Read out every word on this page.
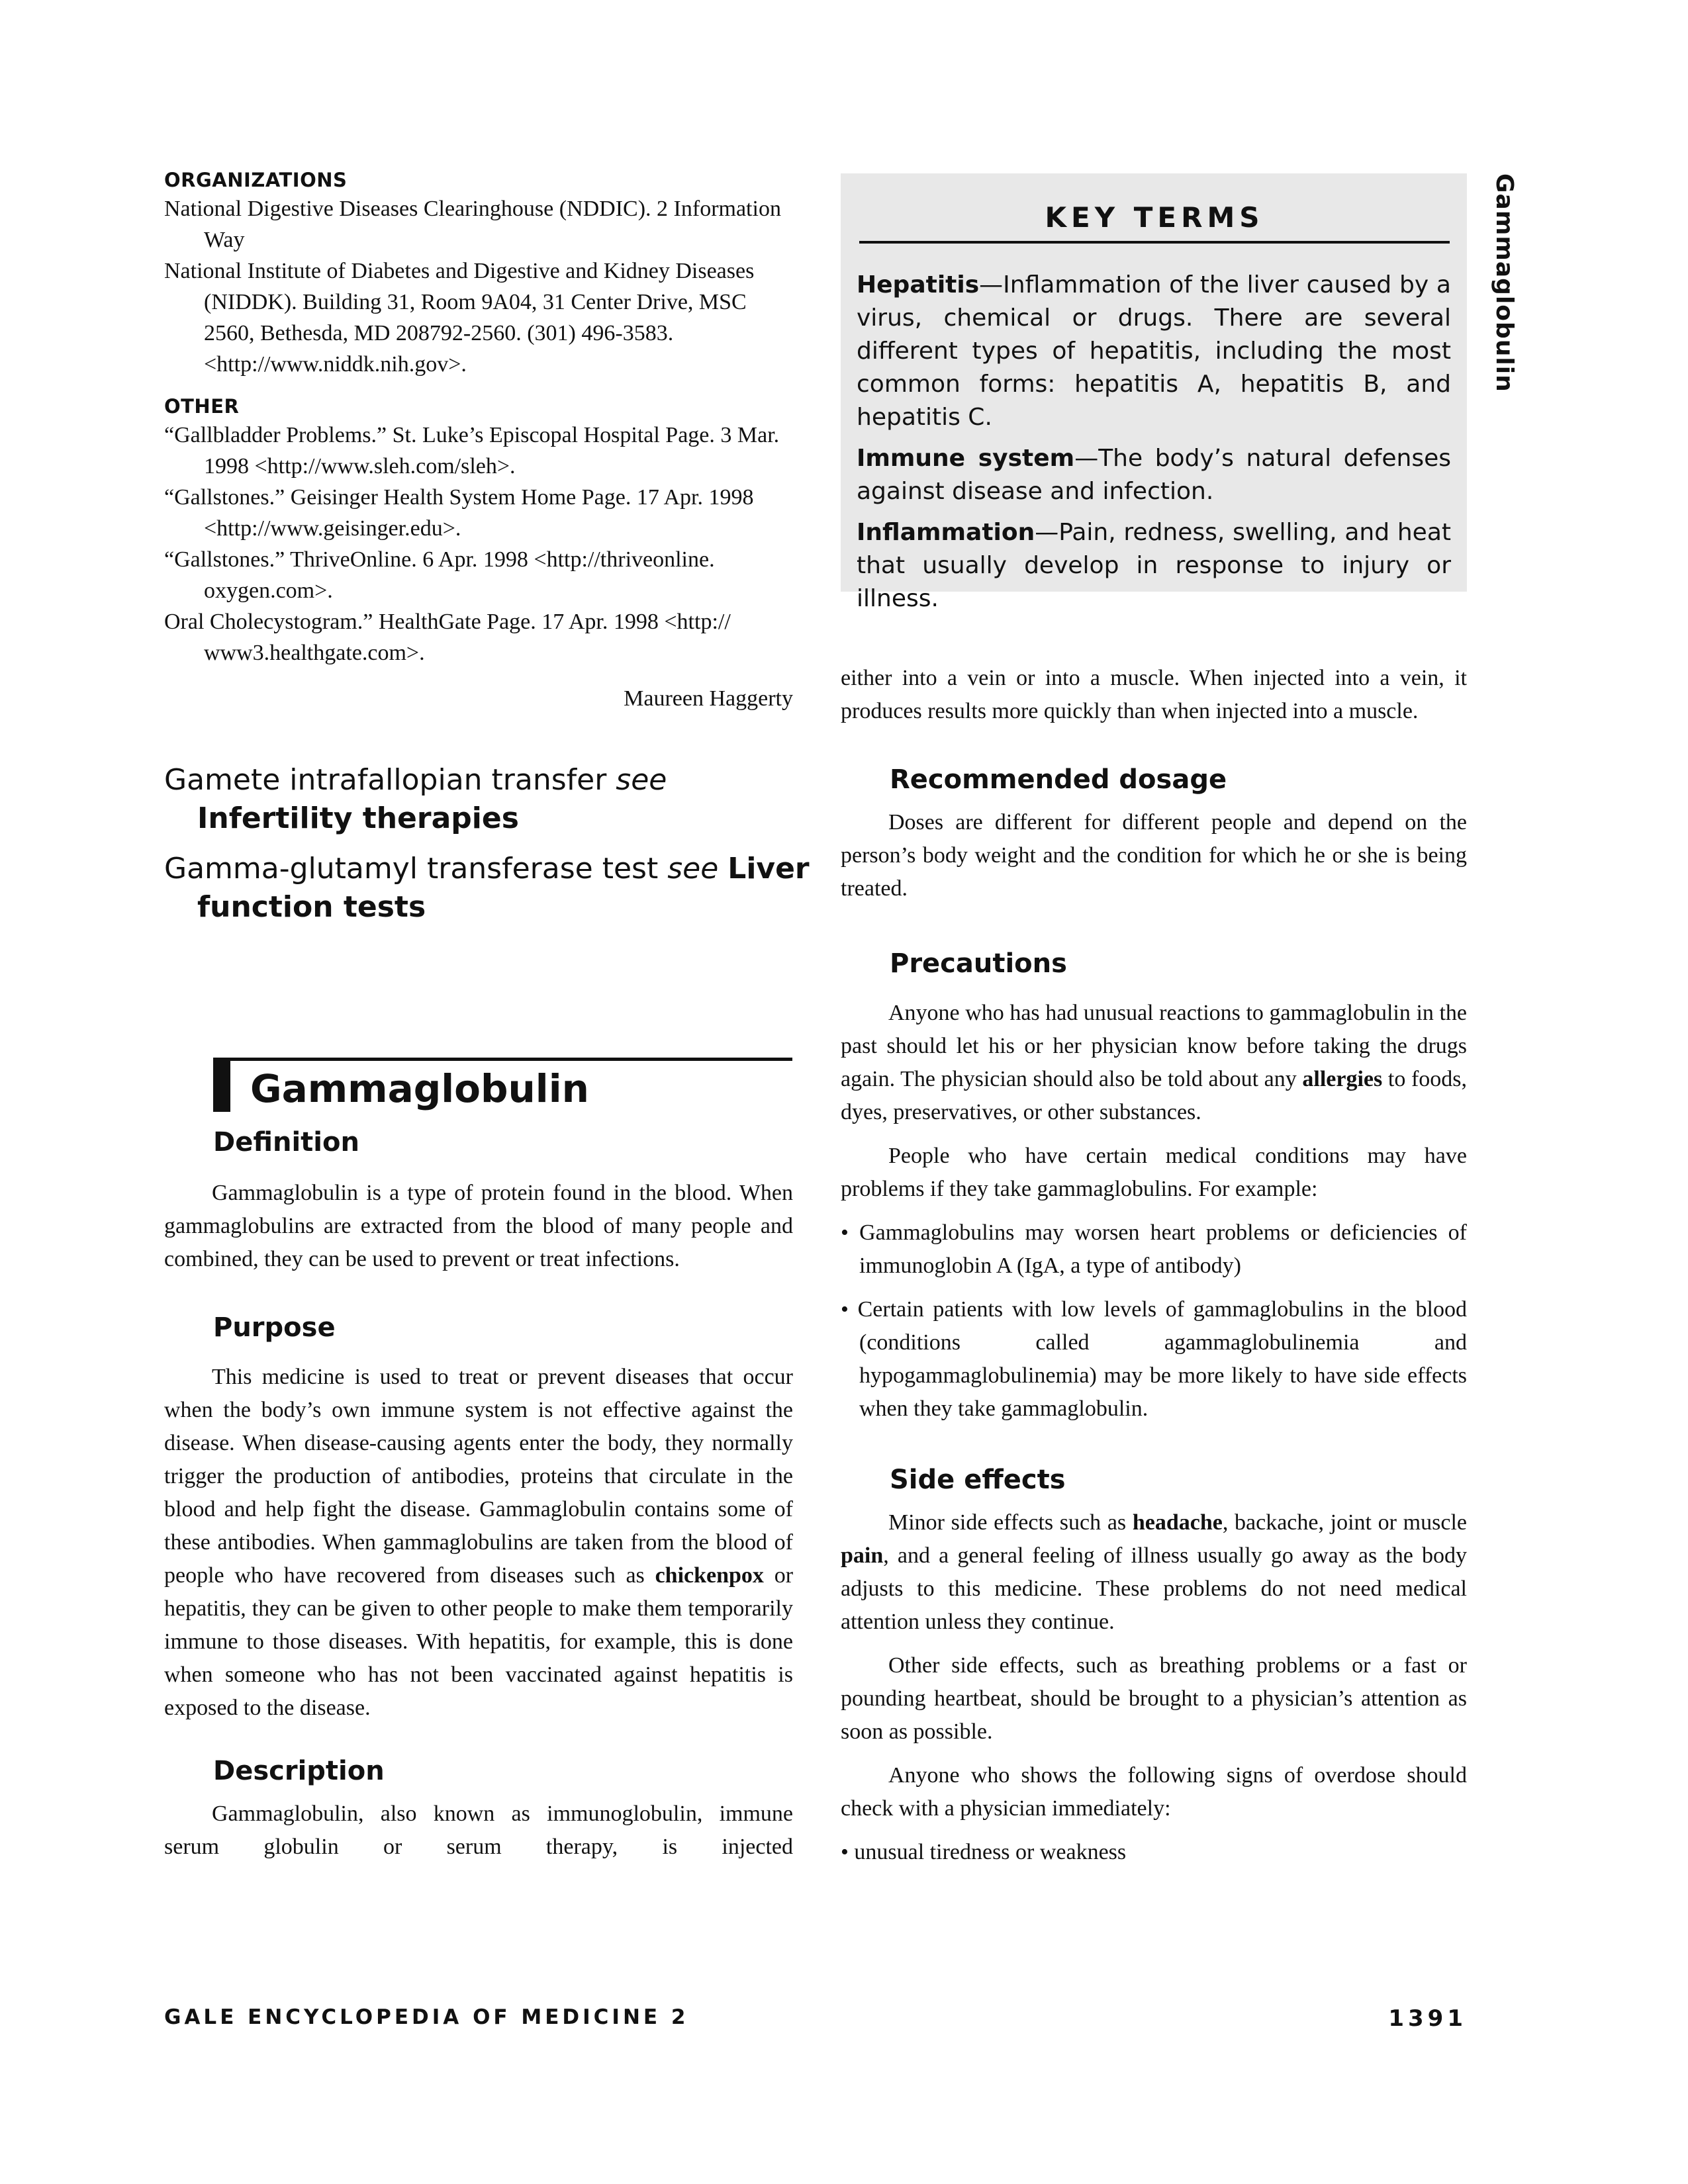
ORGANIZATIONS

National Digestive Diseases Clearinghouse (NDDIC). 2 Information Way

National Institute of Diabetes and Digestive and Kidney Diseases (NIDDK). Building 31, Room 9A04, 31 Center Drive, MSC 2560, Bethesda, MD 208792-2560. (301) 496-3583. <http://www.niddk.nih.gov>.

OTHER

“Gallbladder Problems.” St. Luke’s Episcopal Hospital Page. 3 Mar. 1998 <http://www.sleh.com/sleh>.

“Gallstones.” Geisinger Health System Home Page. 17 Apr. 1998 <http://www.geisinger.edu>.

“Gallstones.” ThriveOnline. 6 Apr. 1998 <http://thriveonline. oxygen.com>.

Oral Cholecystogram.” HealthGate Page. 17 Apr. 1998 <http:// www3.healthgate.com>.

Maureen Haggerty

Gamete intrafallopian transfer see Infertility therapies
Gamma-glutamyl transferase test see Liver function tests
Gammaglobulin
Definition

Gammaglobulin is a type of protein found in the blood. When gammaglobulins are extracted from the blood of many people and combined, they can be used to prevent or treat infections.

Purpose

This medicine is used to treat or prevent diseases that occur when the body’s own immune system is not effective against the disease. When disease-causing agents enter the body, they normally trigger the production of antibodies, proteins that circulate in the blood and help fight the disease. Gammaglobulin contains some of these antibodies. When gammaglobulins are taken from the blood of people who have recovered from diseases such as chickenpox or hepatitis, they can be given to other people to make them temporarily immune to those diseases. With hepatitis, for example, this is done when someone who has not been vaccinated against hepatitis is exposed to the disease.

Description

Gammaglobulin, also known as immunoglobulin, immune serum globulin or serum therapy, is injected

KEY TERMS

Hepatitis—Inflammation of the liver caused by a virus, chemical or drugs. There are several different types of hepatitis, including the most common forms: hepatitis A, hepatitis B, and hepatitis C.

Immune system—The body’s natural defenses against disease and infection.

Inflammation—Pain, redness, swelling, and heat that usually develop in response to injury or illness.

either into a vein or into a muscle. When injected into a vein, it produces results more quickly than when injected into a muscle.

Recommended dosage

Doses are different for different people and depend on the person’s body weight and the condition for which he or she is being treated.

Precautions

Anyone who has had unusual reactions to gammaglobulin in the past should let his or her physician know before taking the drugs again. The physician should also be told about any allergies to foods, dyes, preservatives, or other substances.

People who have certain medical conditions may have problems if they take gammaglobulins. For example:

• Gammaglobulins may worsen heart problems or deficiencies of immunoglobin A (IgA, a type of antibody)

• Certain patients with low levels of gammaglobulins in the blood (conditions called agammaglobulinemia and hypogammaglobulinemia) may be more likely to have side effects when they take gammaglobulin.

Side effects

Minor side effects such as headache, backache, joint or muscle pain, and a general feeling of illness usually go away as the body adjusts to this medicine. These problems do not need medical attention unless they continue.

Other side effects, such as breathing problems or a fast or pounding heartbeat, should be brought to a physician’s attention as soon as possible.

Anyone who shows the following signs of overdose should check with a physician immediately:

• unusual tiredness or weakness

Gammaglobulin
GALE ENCYCLOPEDIA OF MEDICINE 2	1391
